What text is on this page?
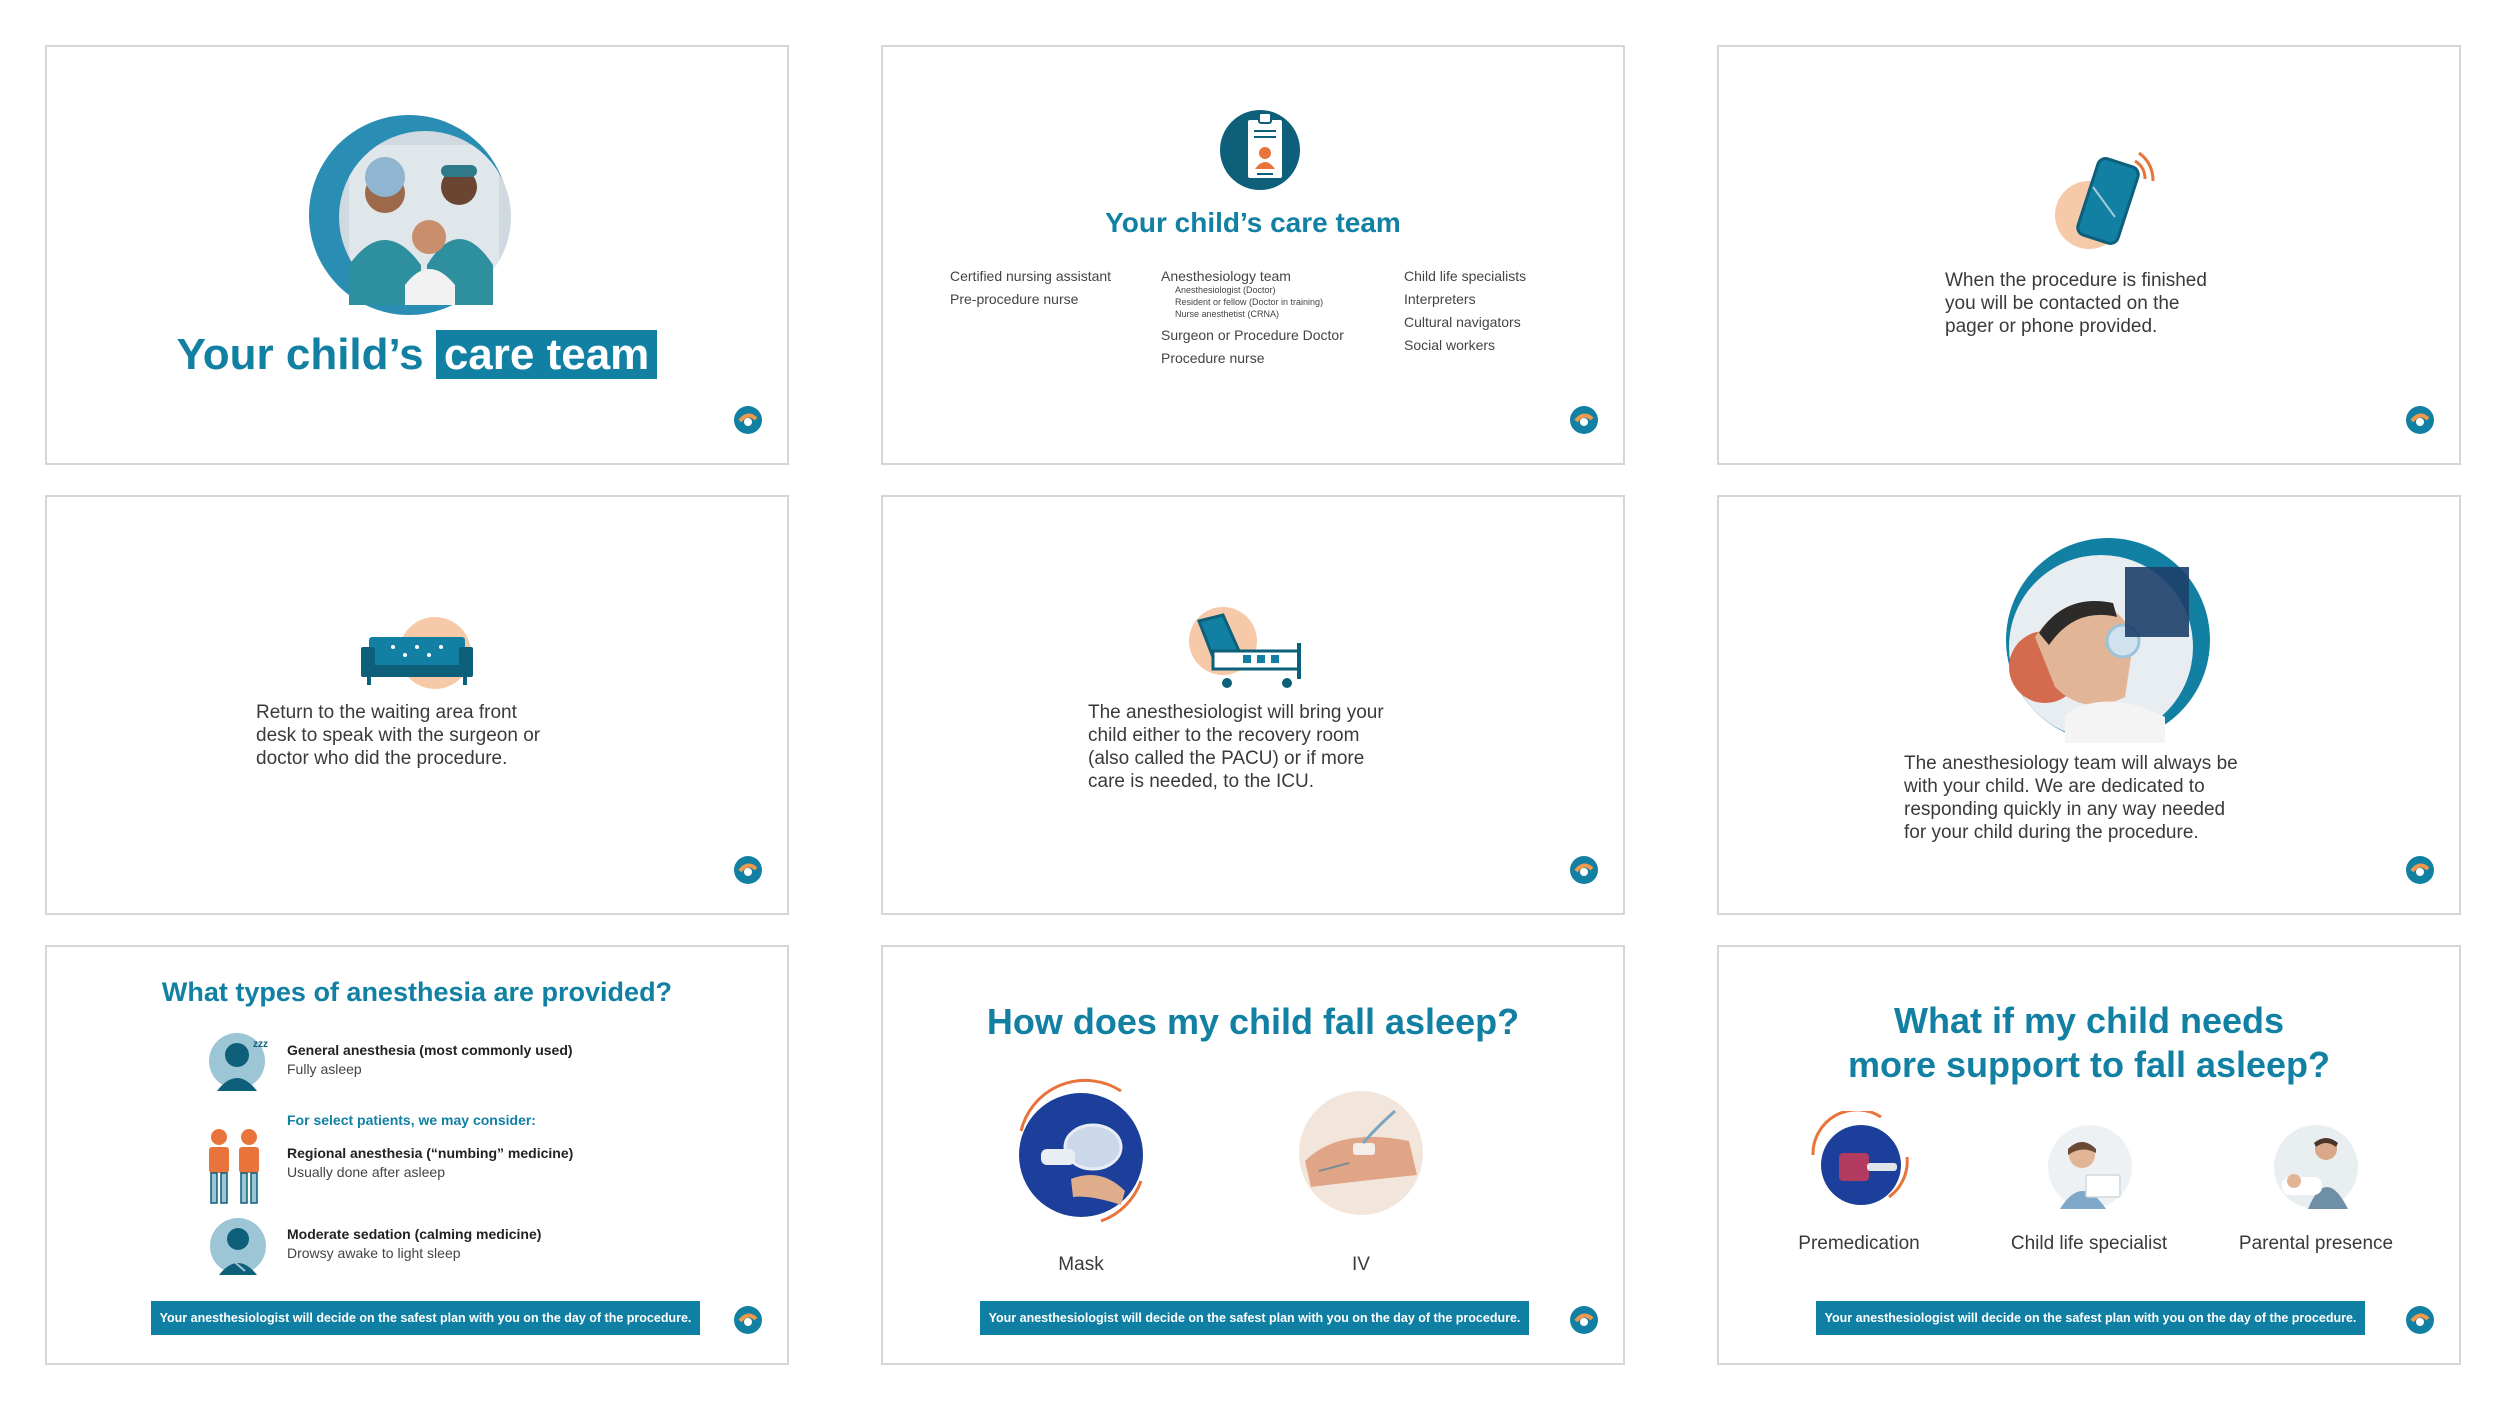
Your child’s care team
Your child’s care team
Certified nursing assistant
Pre-procedure nurse
Anesthesiology team
Anesthesiologist (Doctor)
Resident or fellow (Doctor in training)
Nurse anesthetist (CRNA)
Surgeon or Procedure Doctor
Procedure nurse
Child life specialists
Interpreters
Cultural navigators
Social workers
When the procedure is finished
you will be contacted on the
pager or phone provided.
Return to the waiting area front
desk to speak with the surgeon or
doctor who did the procedure.
The anesthesiologist will bring your
child either to the recovery room
(also called the PACU) or if more
care is needed, to the ICU.
The anesthesiology team will always be
with your child. We are dedicated to
responding quickly in any way needed
for your child during the procedure.
What types of anesthesia are provided?
zzz General anesthesia (most commonly used)
Fully asleep
For select patients, we may consider:
Regional anesthesia (“numbing” medicine)
Usually done after asleep
Moderate sedation (calming medicine)
Drowsy awake to light sleep
Your anesthesiologist will decide on the safest plan with you on the day of the procedure.
How does my child fall asleep?
Mask	IV
Your anesthesiologist will decide on the safest plan with you on the day of the procedure.
What if my child needs
more support to fall asleep?
Premedication	Child life specialist	Parental presence
Your anesthesiologist will decide on the safest plan with you on the day of the procedure.
